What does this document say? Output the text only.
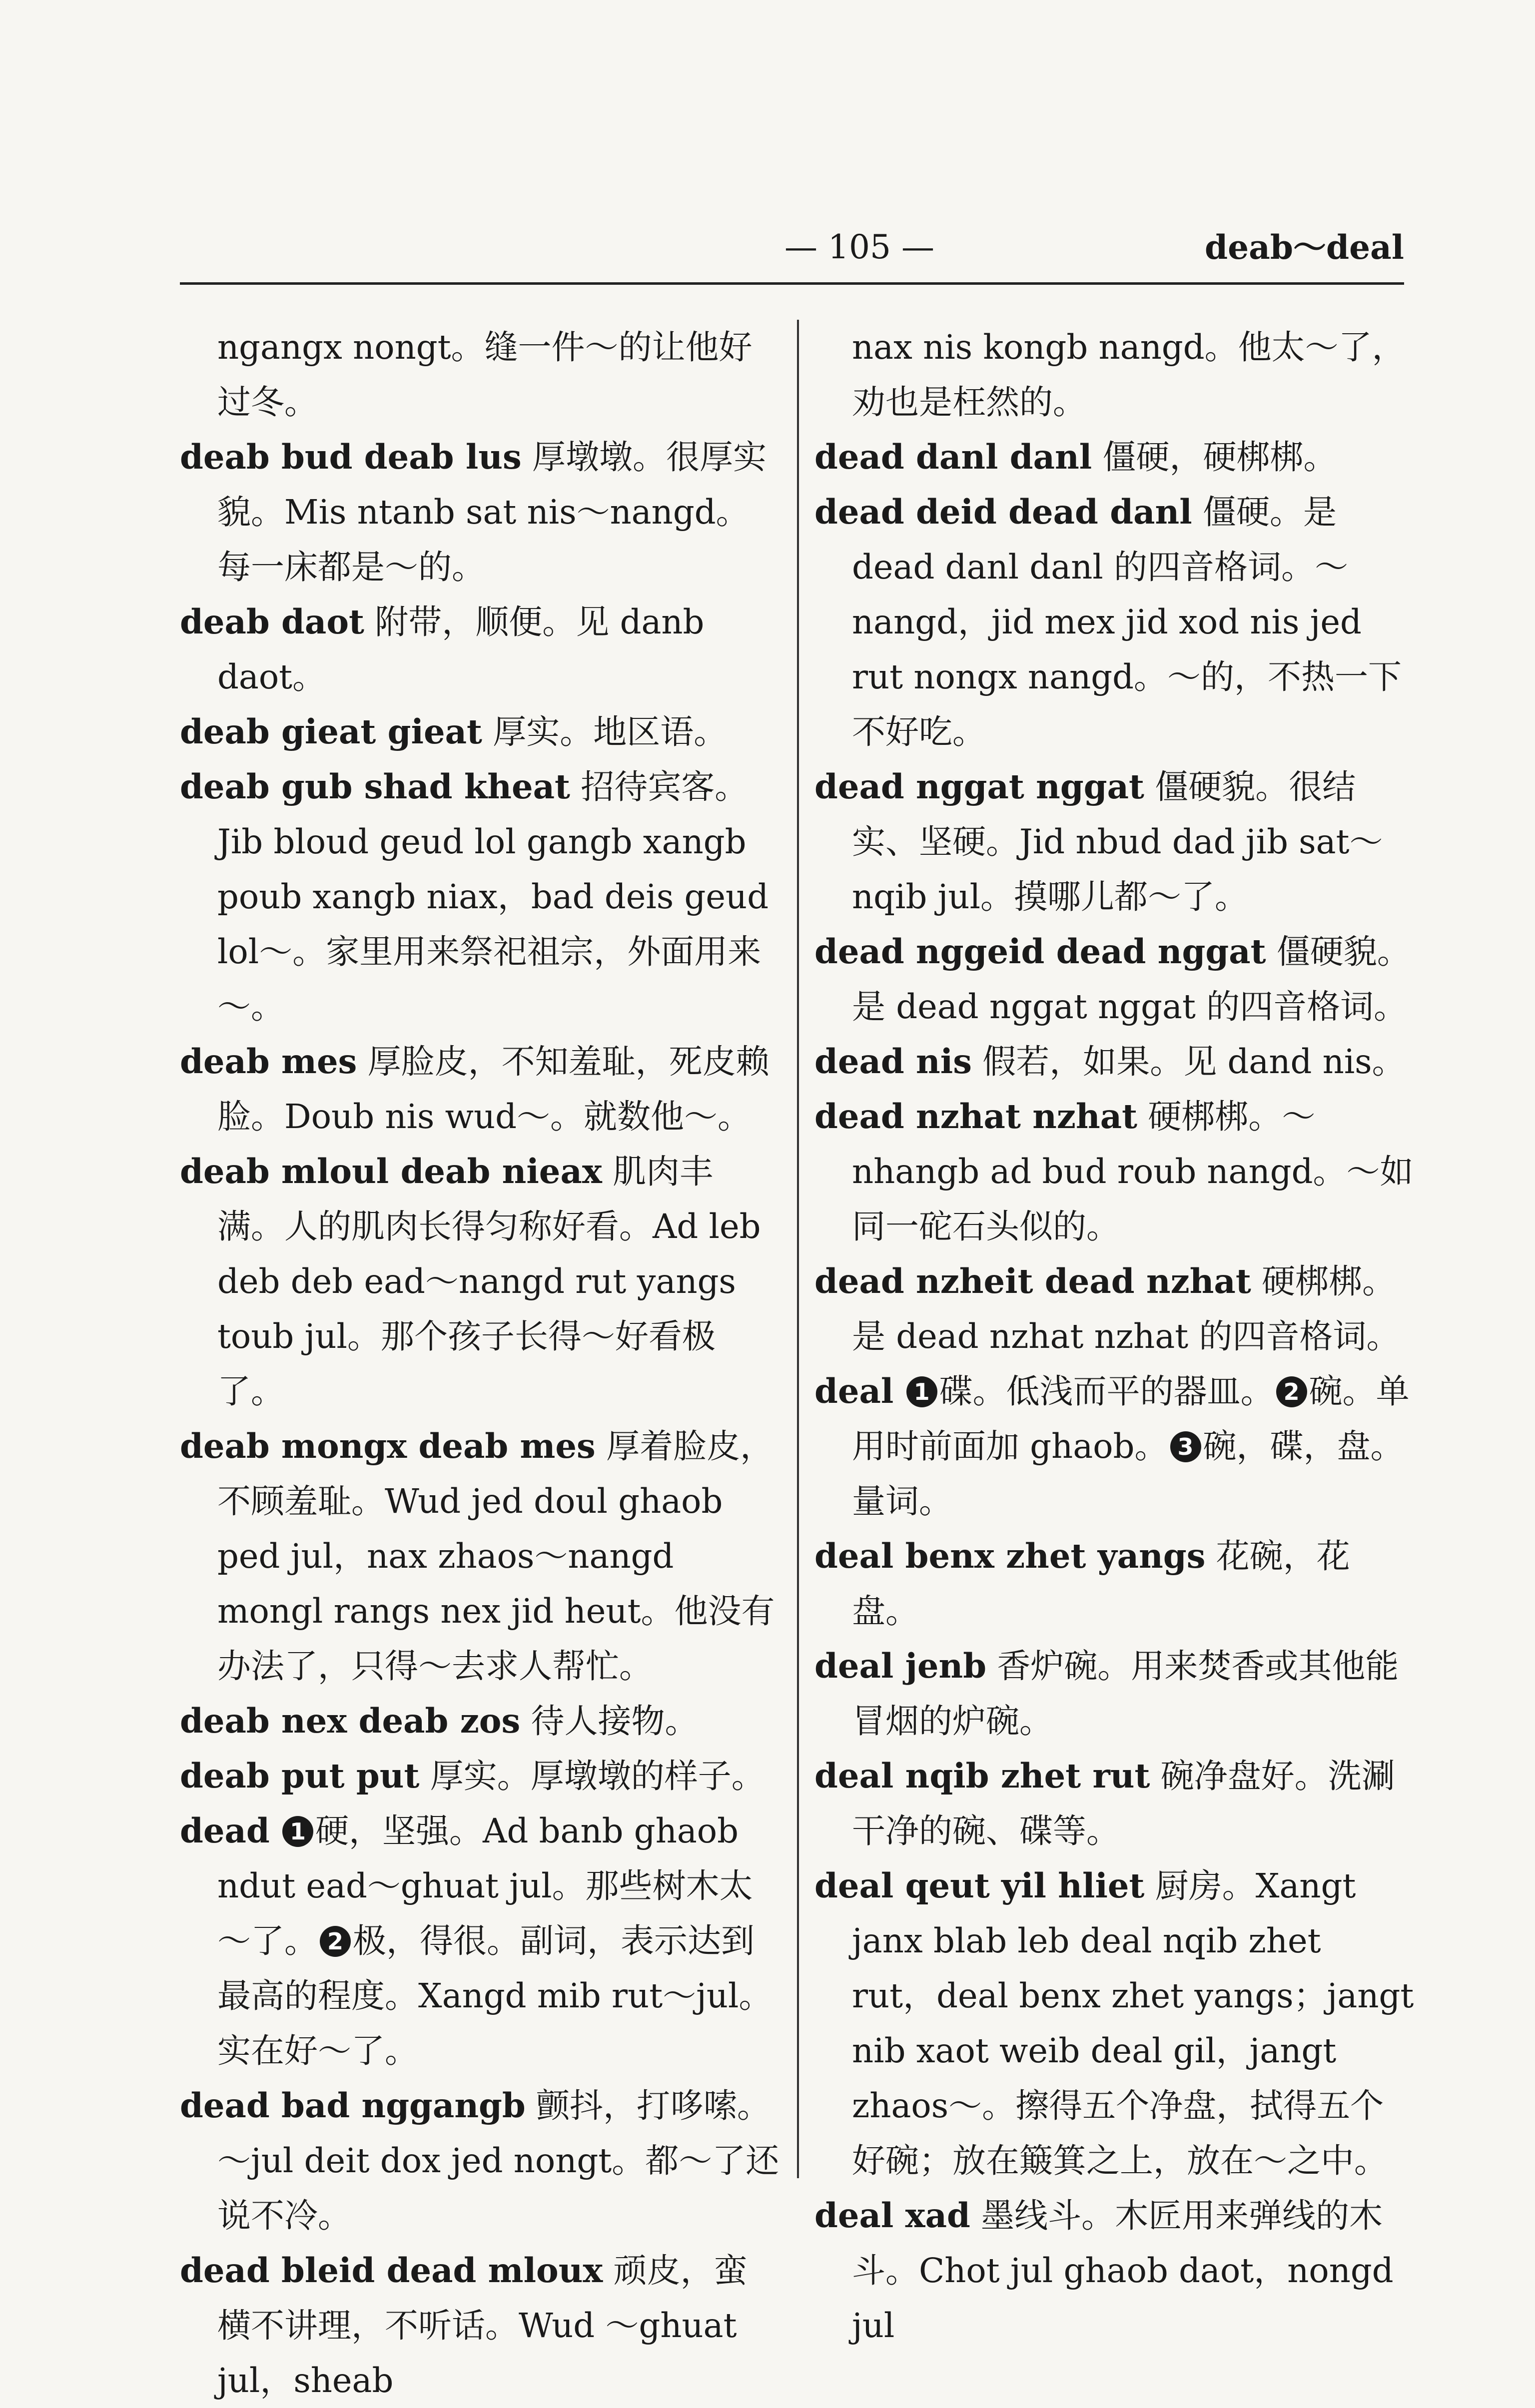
— 105 —	deab～deal

ngangx nongt。缝一件～的让他好过冬。

deab bud deab lus 厚墩墩。很厚实貌。Mis ntanb sat nis～nangd。每一床都是～的。

deab daot 附带，顺便。见 danb daot。

deab gieat gieat 厚实。地区语。

deab gub shad kheat 招待宾客。Jib bloud geud lol gangb xangb poub xangb niax，bad deis geud lol～。家里用来祭祀祖宗，外面用来～。

deab mes 厚脸皮，不知羞耻，死皮赖脸。Doub nis wud～。就数他～。

deab mloul deab nieax 肌肉丰满。人的肌肉长得匀称好看。Ad leb deb deb ead～nangd rut yangs toub jul。那个孩子长得～好看极了。

deab mongx deab mes 厚着脸皮，不顾羞耻。Wud jed doul ghaob ped jul，nax zhaos～nangd mongl rangs nex jid heut。他没有办法了，只得～去求人帮忙。

deab nex deab zos 待人接物。

deab put put 厚实。厚墩墩的样子。

dead 1 硬，坚强。Ad banb ghaob ndut ead～ghuat jul。那些树木太～了。 2 极，得很。副词，表示达到最高的程度。Xangd mib rut～jul。实在好～了。

dead bad nggangb 颤抖，打哆嗦。～jul deit dox jed nongt。都～了还说不冷。

dead bleid dead mloux 顽皮，蛮横不讲理，不听话。Wud ～ghuat jul，sheab

nax nis kongb nangd。他太～了，劝也是枉然的。

dead danl danl 僵硬，硬梆梆。

dead deid dead danl 僵硬。是 dead danl danl 的四音格词。～nangd，jid mex jid xod nis jed rut nongx nangd。～的，不热一下不好吃。

dead nggat nggat 僵硬貌。很结实、坚硬。Jid nbud dad jib sat～nqib jul。摸哪儿都～了。

dead nggeid dead nggat 僵硬貌。是 dead nggat nggat 的四音格词。

dead nis 假若，如果。见 dand nis。

dead nzhat nzhat 硬梆梆。～nhangb ad bud roub nangd。～如同一砣石头似的。

dead nzheit dead nzhat 硬梆梆。是 dead nzhat nzhat 的四音格词。

deal 1 碟。低浅而平的器皿。 2 碗。单用时前面加 ghaob。 3 碗，碟，盘。量词。

deal benx zhet yangs 花碗，花盘。

deal jenb 香炉碗。用来焚香或其他能冒烟的炉碗。

deal nqib zhet rut 碗净盘好。洗涮干净的碗、碟等。

deal qeut yil hliet 厨房。Xangt janx blab leb deal nqib zhet rut，deal benx zhet yangs；jangt nib xaot weib deal gil，jangt zhaos～。擦得五个净盘，拭得五个好碗；放在簸箕之上，放在～之中。

deal xad 墨线斗。木匠用来弹线的木斗。Chot jul ghaob daot，nongd jul
